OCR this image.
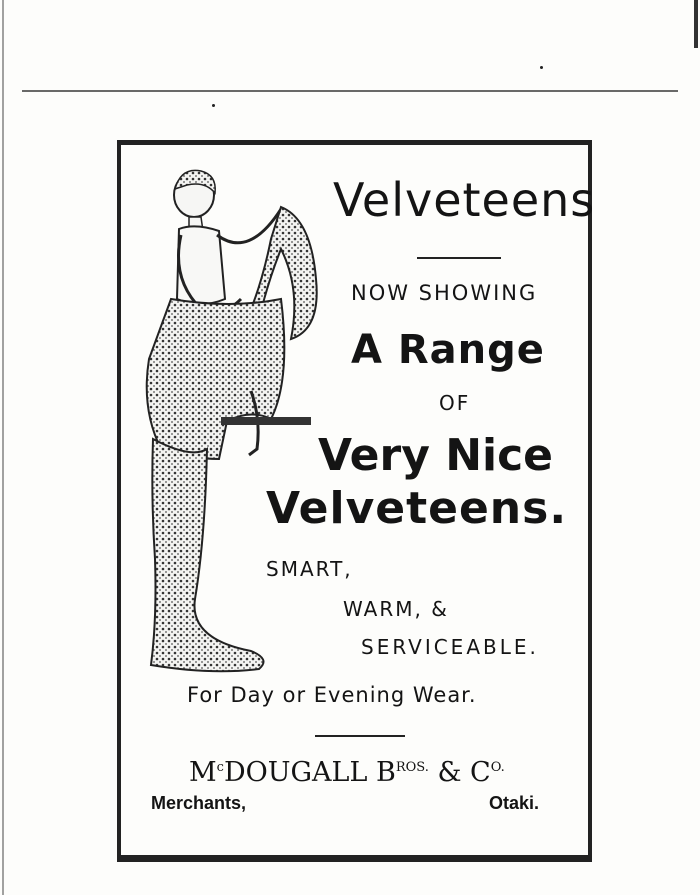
Velveteens
NOW SHOWING
A Range
OF
Very Nice
Velveteens.
SMART,
WARM, &
SERVICEABLE.
For Day or Evening Wear.
$M^cDOUGALL$ $B^{ROS.}$ & $C^{O.}$
Merchants,	Otaki.
